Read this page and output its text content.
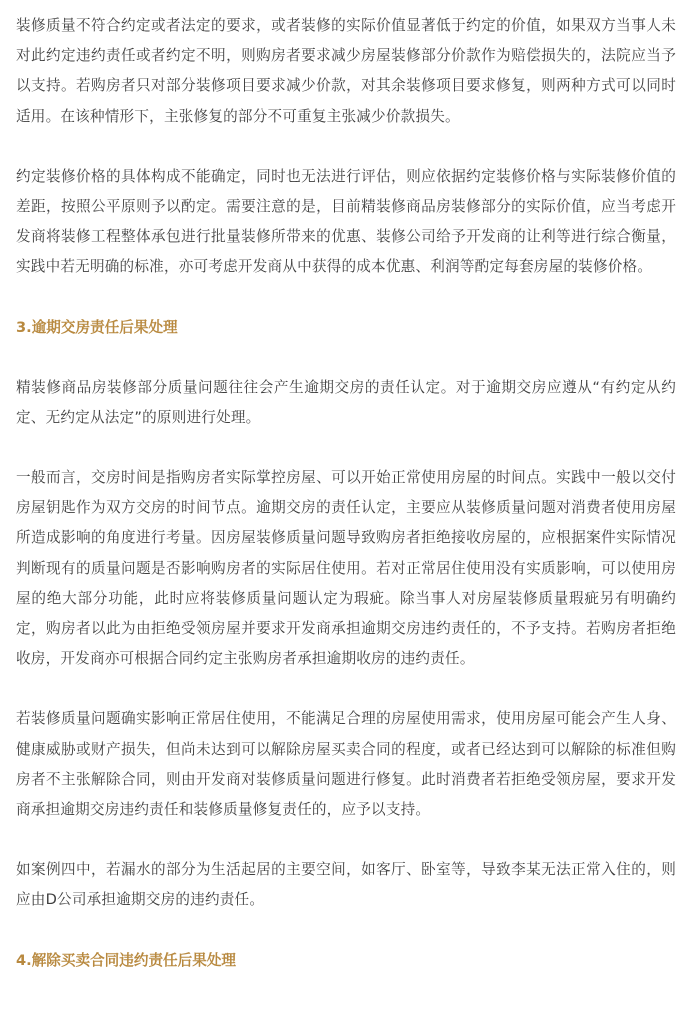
装修质量不符合约定或者法定的要求，或者装修的实际价值显著低于约定的价值，如果双方当事人未对此约定违约责任或者约定不明，则购房者要求减少房屋装修部分价款作为赔偿损失的，法院应当予以支持。若购房者只对部分装修项目要求减少价款，对其余装修项目要求修复，则两种方式可以同时适用。在该种情形下，主张修复的部分不可重复主张减少价款损失。

约定装修价格的具体构成不能确定，同时也无法进行评估，则应依据约定装修价格与实际装修价值的差距，按照公平原则予以酌定。需要注意的是，目前精装修商品房装修部分的实际价值，应当考虑开发商将装修工程整体承包进行批量装修所带来的优惠、装修公司给予开发商的让利等进行综合衡量，实践中若无明确的标准，亦可考虑开发商从中获得的成本优惠、利润等酌定每套房屋的装修价格。

3.逾期交房责任后果处理

精装修商品房装修部分质量问题往往会产生逾期交房的责任认定。对于逾期交房应遵从“有约定从约定、无约定从法定”的原则进行处理。

一般而言，交房时间是指购房者实际掌控房屋、可以开始正常使用房屋的时间点。实践中一般以交付房屋钥匙作为双方交房的时间节点。逾期交房的责任认定，主要应从装修质量问题对消费者使用房屋所造成影响的角度进行考量。因房屋装修质量问题导致购房者拒绝接收房屋的，应根据案件实际情况判断现有的质量问题是否影响购房者的实际居住使用。若对正常居住使用没有实质影响，可以使用房屋的绝大部分功能，此时应将装修质量问题认定为瑕疵。除当事人对房屋装修质量瑕疵另有明确约定，购房者以此为由拒绝受领房屋并要求开发商承担逾期交房违约责任的，不予支持。若购房者拒绝收房，开发商亦可根据合同约定主张购房者承担逾期收房的违约责任。

若装修质量问题确实影响正常居住使用，不能满足合理的房屋使用需求，使用房屋可能会产生人身、健康威胁或财产损失，但尚未达到可以解除房屋买卖合同的程度，或者已经达到可以解除的标准但购房者不主张解除合同，则由开发商对装修质量问题进行修复。此时消费者若拒绝受领房屋，要求开发商承担逾期交房违约责任和装修质量修复责任的，应予以支持。

如案例四中，若漏水的部分为生活起居的主要空间，如客厅、卧室等，导致李某无法正常入住的，则应由D公司承担逾期交房的违约责任。

4.解除买卖合同违约责任后果处理
